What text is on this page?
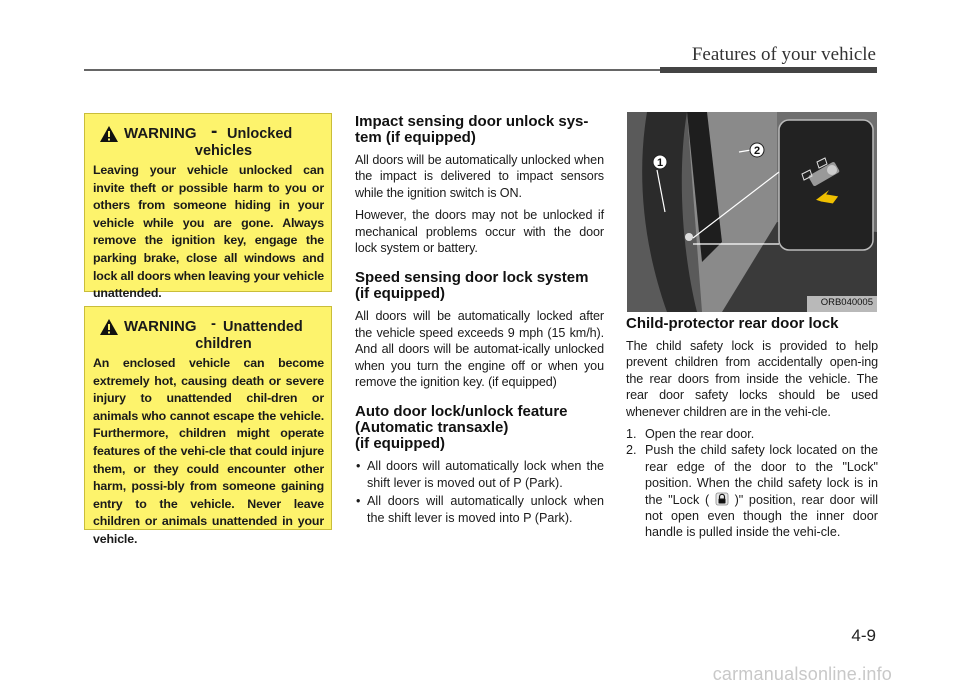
Features of your vehicle
WARNING - Unlocked
vehicles
Leaving your vehicle unlocked can invite theft or possible harm to you or others from someone hiding in your vehicle while you are gone. Always remove the ignition key, engage the parking brake, close all windows and lock all doors when leaving your vehicle unattended.
WARNING - Unattended
children
An enclosed vehicle can become extremely hot, causing death or severe injury to unattended chil-dren or animals who cannot escape the vehicle. Furthermore, children might operate features of the vehi-cle that could injure them, or they could encounter other harm, possi-bly from someone gaining entry to the vehicle. Never leave children or animals unattended in your vehicle.
Impact sensing door unlock sys-tem (if equipped)

All doors will be automatically unlocked when the impact is delivered to impact sensors while the ignition switch is ON.

However, the doors may not be unlocked if mechanical problems occur with the door lock system or battery.

Speed sensing door lock system (if equipped)

All doors will be automatically locked after the vehicle speed exceeds 9 mph (15 km/h). And all doors will be automat-ically unlocked when you turn the engine off or when you remove the ignition key. (if equipped)

Auto door lock/unlock feature
(Automatic transaxle)
(if equipped)
• All doors will automatically lock when the shift lever is moved out of P (Park).
• All doors will automatically unlock when the shift lever is moved into P (Park).
1
2
ORB040005
Child-protector rear door lock

The child safety lock is provided to help prevent children from accidentally open-ing the rear doors from inside the vehicle. The rear door safety locks should be used whenever children are in the vehi-cle.

1. Open the rear door.
2. Push the child safety lock located on the rear edge of the door to the "Lock" position. When the child safety lock is in the "Lock ( )" position, rear door will not open even though the inner door handle is pulled inside the vehi-cle.
4-9
carmanualsonline.info
